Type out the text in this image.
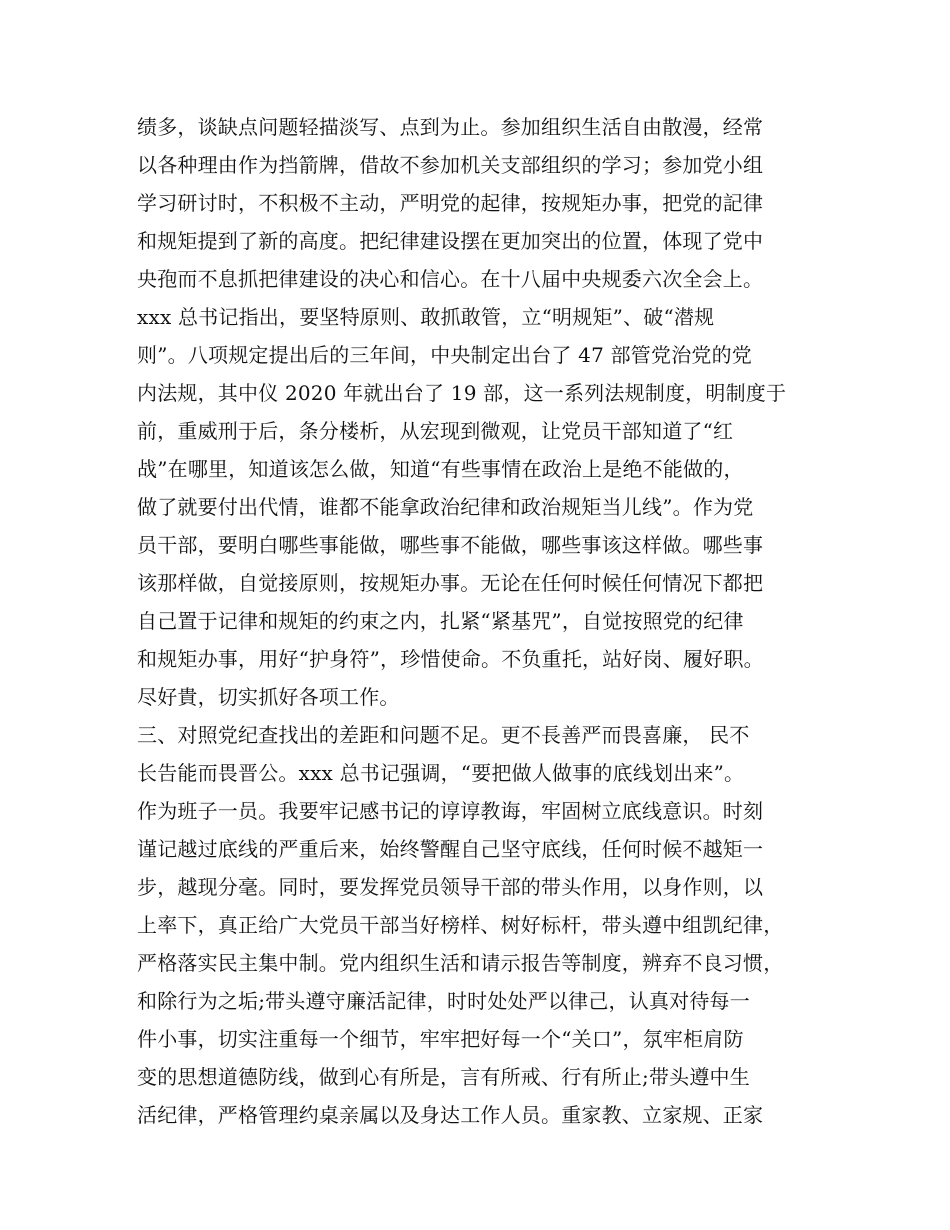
绩多，谈缺点问题轻描淡写、点到为止。参加组织生活自由散漫，经常
以各种理由作为挡箭牌，借故不参加机关支部组织的学习；参加党小组
学习研讨时，不积极不主动，严明党的起律，按规矩办事，把党的記律
和规矩提到了新的高度。把纪律建设摆在更加突出的位置，体现了党中
央孢而不息抓把律建设的决心和信心。在十八届中央规委六次全会上。
xxx 总书记指出，要坚特原则、敢抓敢管，立“明规矩”、破“潜规
则”。八项规定提出后的三年间，中央制定出台了 47 部管党治党的党
内法规，其中仪 2020 年就出台了 19 部，这一系列法规制度，明制度于
前，重威刑于后，条分楼析，从宏现到微观，让党员干部知道了“红
战”在哪里，知道该怎么做，知道“有些事情在政治上是绝不能做的，
做了就要付出代情，谁都不能拿政治纪律和政治规矩当儿线”。作为党
员干部，要明白哪些事能做，哪些事不能做，哪些事该这样做。哪些事
该那样做，自觉接原则，按规矩办事。无论在任何时候任何情况下都把
自己置于记律和规矩的约束之内，扎紧“紧基咒”，自觉按照党的纪律
和规矩办事，用好“护身符”，珍惜使命。不负重托，站好岗、履好职。
尽好貴，切实抓好各项工作。
三、对照党纪查找出的差距和问题不足。更不長善严而畏喜廉， 民不
长告能而畏晋公。xxx 总书记强调，“要把做人做事的底线划出来”。
作为班子一员。我要牢记感书记的谆谆教诲，牢固树立底线意识。时刻
谨记越过底线的严重后来，始终警醒自己坚守底线，任何时候不越矩一
步，越现分毫。同时，要发挥党员领导干部的带头作用，以身作则，以
上率下，真正给广大党员干部当好榜样、树好标杆，带头遵中组凯纪律，
严格落实民主集中制。党内组织生活和请示报告等制度，辨弃不良习惯，
和除行为之垢;带头遵守廉活記律，时时处处严以律己，认真对待每一
件小事，切实注重每一个细节，牢牢把好每一个“关口”，氛牢柜肩防
变的思想道德防线，做到心有所是，言有所戒、行有所止;带头遵中生
活纪律，严格管理约桌亲属以及身达工作人员。重家教、立家规、正家
